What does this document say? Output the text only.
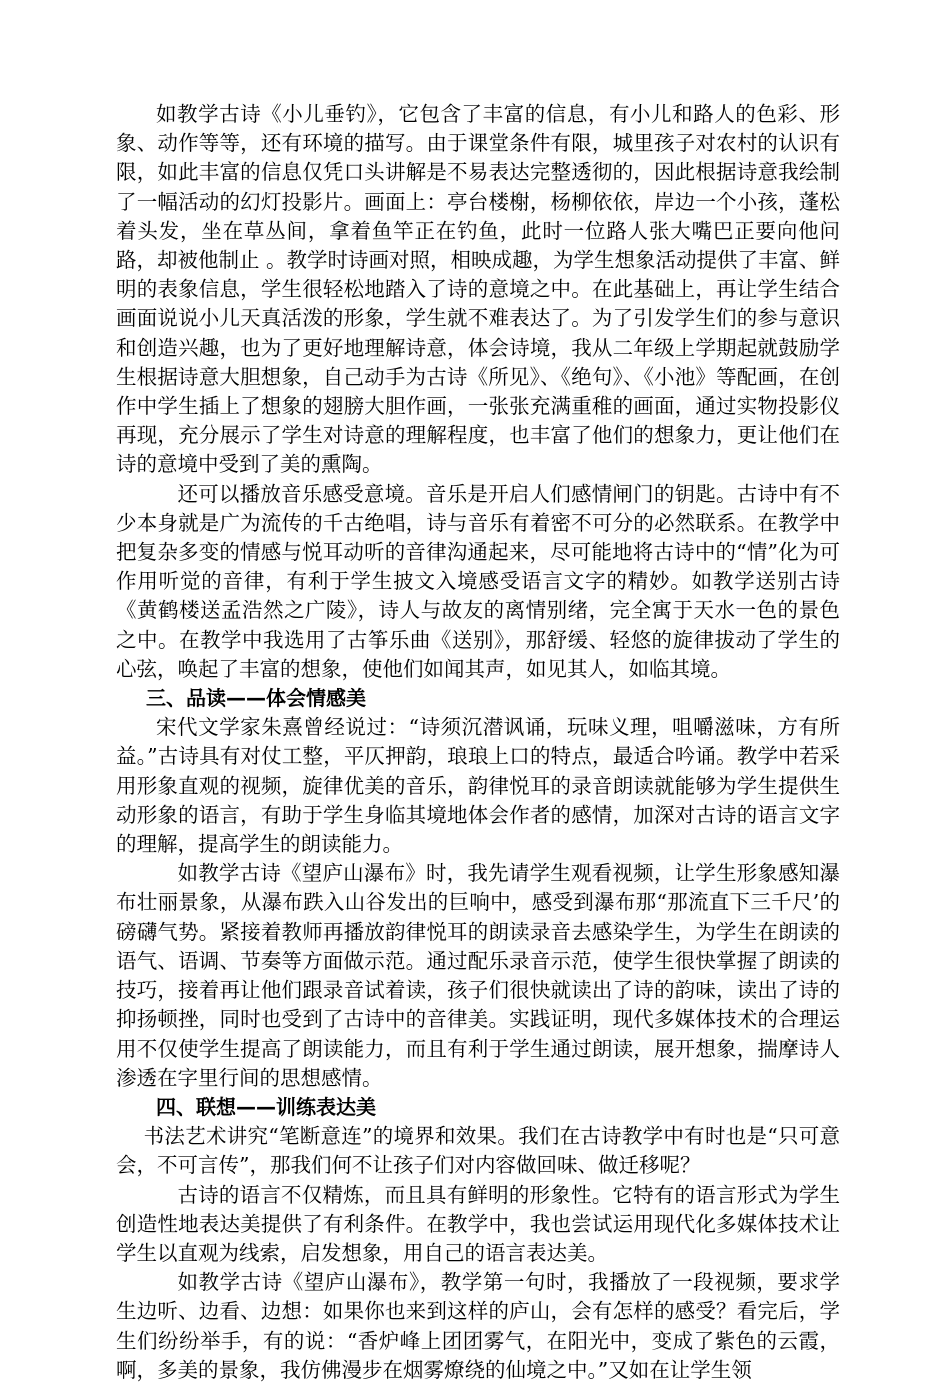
如教学古诗《小儿垂钓》，它包含了丰富的信息，有小儿和路人的色彩、形象、动作等等，还有环境的描写。由于课堂条件有限，城里孩子对农村的认识有限，如此丰富的信息仅凭口头讲解是不易表达完整透彻的，因此根据诗意我绘制了一幅活动的幻灯投影片。画面上：亭台楼榭，杨柳依依，岸边一个小孩，蓬松着头发，坐在草丛间，拿着鱼竿正在钓鱼，此时一位路人张大嘴巴正要向他问路，却被他制止 。教学时诗画对照，相映成趣，为学生想象活动提供了丰富、鲜明的表象信息，学生很轻松地踏入了诗的意境之中。在此基础上，再让学生结合画面说说小儿天真活泼的形象，学生就不难表达了。为了引发学生们的参与意识和创造兴趣，也为了更好地理解诗意，体会诗境，我从二年级上学期起就鼓励学生根据诗意大胆想象，自己动手为古诗《所见》、《绝句》、《小池》等配画，在创作中学生插上了想象的翅膀大胆作画，一张张充满重稚的画面，通过实物投影仪再现，充分展示了学生对诗意的理解程度，也丰富了他们的想象力，更让他们在诗的意境中受到了美的熏陶。

还可以播放音乐感受意境。音乐是开启人们感情闸门的钥匙。古诗中有不少本身就是广为流传的千古绝唱，诗与音乐有着密不可分的必然联系。在教学中把复杂多变的情感与悦耳动听的音律沟通起来，尽可能地将古诗中的“情”化为可作用听觉的音律，有利于学生披文入境感受语言文字的精妙。如教学送别古诗《黄鹤楼送孟浩然之广陵》，诗人与故友的离情别绪，完全寓于天水一色的景色之中。在教学中我选用了古筝乐曲《送别》，那舒缓、轻悠的旋律拔动了学生的心弦，唤起了丰富的想象，使他们如闻其声，如见其人，如临其境。

三、品读——体会情感美

宋代文学家朱熹曾经说过：“诗须沉潜讽诵，玩味义理，咀嚼滋味，方有所益。”古诗具有对仗工整，平仄押韵，琅琅上口的特点，最适合吟诵。教学中若采用形象直观的视频，旋律优美的音乐，韵律悦耳的录音朗读就能够为学生提供生动形象的语言，有助于学生身临其境地体会作者的感情，加深对古诗的语言文字的理解，提高学生的朗读能力。

如教学古诗《望庐山瀑布》时，我先请学生观看视频，让学生形象感知瀑布壮丽景象，从瀑布跌入山谷发出的巨响中，感受到瀑布那“那流直下三千尺’的磅礴气势。紧接着教师再播放韵律悦耳的朗读录音去感染学生，为学生在朗读的语气、语调、节奏等方面做示范。通过配乐录音示范，使学生很快掌握了朗读的技巧，接着再让他们跟录音试着读，孩子们很快就读出了诗的韵味，读出了诗的抑扬顿挫，同时也受到了古诗中的音律美。实践证明，现代多媒体技术的合理运用不仅使学生提高了朗读能力，而且有利于学生通过朗读，展开想象，揣摩诗人渗透在字里行间的思想感情。

四、联想——训练表达美

书法艺术讲究“笔断意连”的境界和效果。我们在古诗教学中有时也是“只可意会，不可言传”，那我们何不让孩子们对内容做回味、做迁移呢？

古诗的语言不仅精炼，而且具有鲜明的形象性。它特有的语言形式为学生创造性地表达美提供了有利条件。在教学中，我也尝试运用现代化多媒体技术让学生以直观为线索，启发想象，用自己的语言表达美。

如教学古诗《望庐山瀑布》，教学第一句时，我播放了一段视频，要求学生边听、边看、边想：如果你也来到这样的庐山，会有怎样的感受？看完后，学生们纷纷举手，有的说：“香炉峰上团团雾气，在阳光中，变成了紫色的云霞，啊，多美的景象，我仿佛漫步在烟雾燎绕的仙境之中。”又如在让学生领
